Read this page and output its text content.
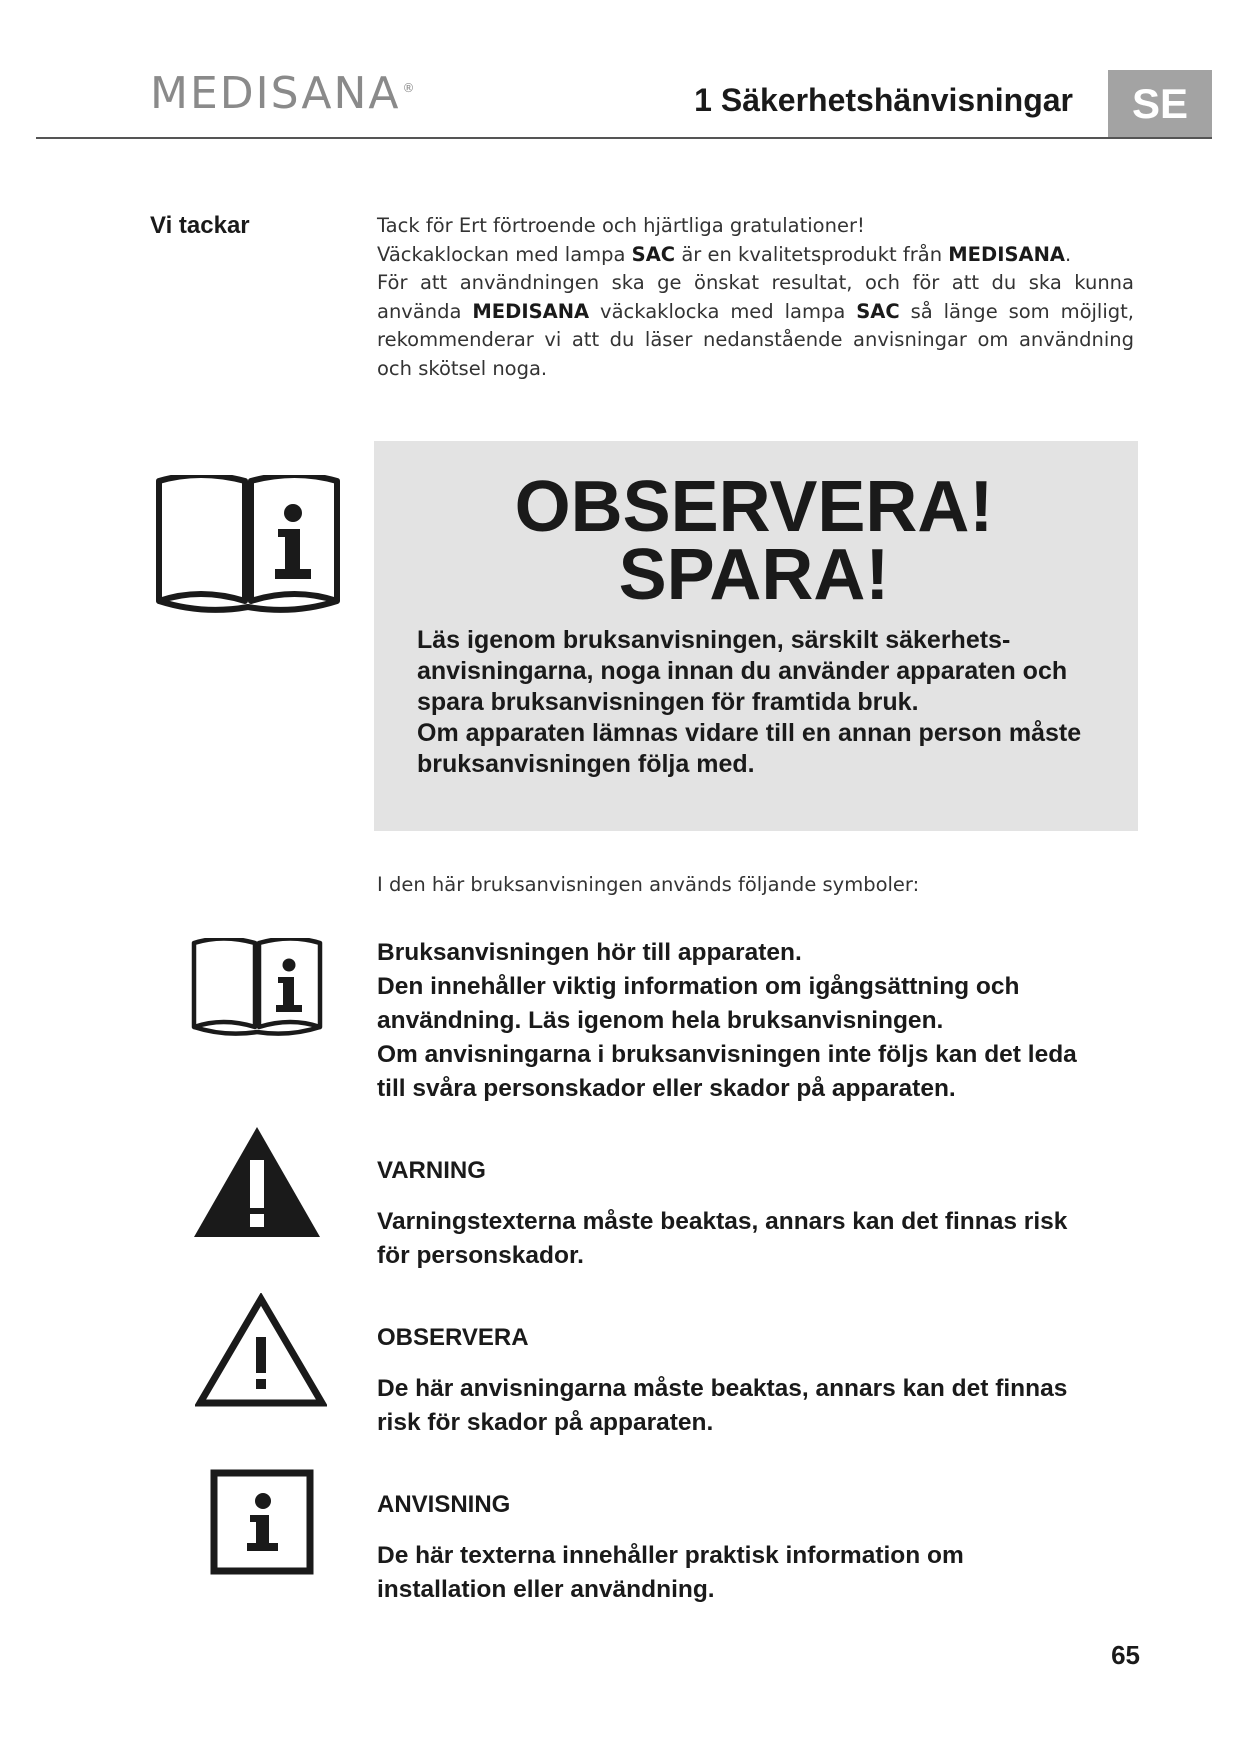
MEDISANA ®	1 Säkerhetshänvisningar	SE
Vi tackar	Tack för Ert förtroende och hjärtliga gratulationer!

Väckaklockan med lampa SAC är en kvalitetsprodukt från MEDISANA.

För att användningen ska ge önskat resultat, och för att du ska kunna använda MEDISANA väckaklocka med lampa SAC så länge som möjligt, rekommenderar vi att du läser nedanstående anvisningar om användning och skötsel noga.

OBSERVERA!
SPARA!

Läs igenom bruksanvisningen, särskilt säkerhets-anvisningarna, noga innan du använder apparaten och spara bruksanvisningen för framtida bruk.

Om apparaten lämnas vidare till en annan person måste bruksanvisningen följa med.

I den här bruksanvisningen används följande symboler:

Bruksanvisningen hör till apparaten.

Den innehåller viktig information om igångsättning och användning. Läs igenom hela bruksanvisningen.

Om anvisningarna i bruksanvisningen inte följs kan det leda till svåra personskador eller skador på apparaten.

VARNING
Varningstexterna måste beaktas, annars kan det finnas risk för personskador.
OBSERVERA
De här anvisningarna måste beaktas, annars kan det finnas risk för skador på apparaten.
ANVISNING
De här texterna innehåller praktisk information om installation eller användning.
65
